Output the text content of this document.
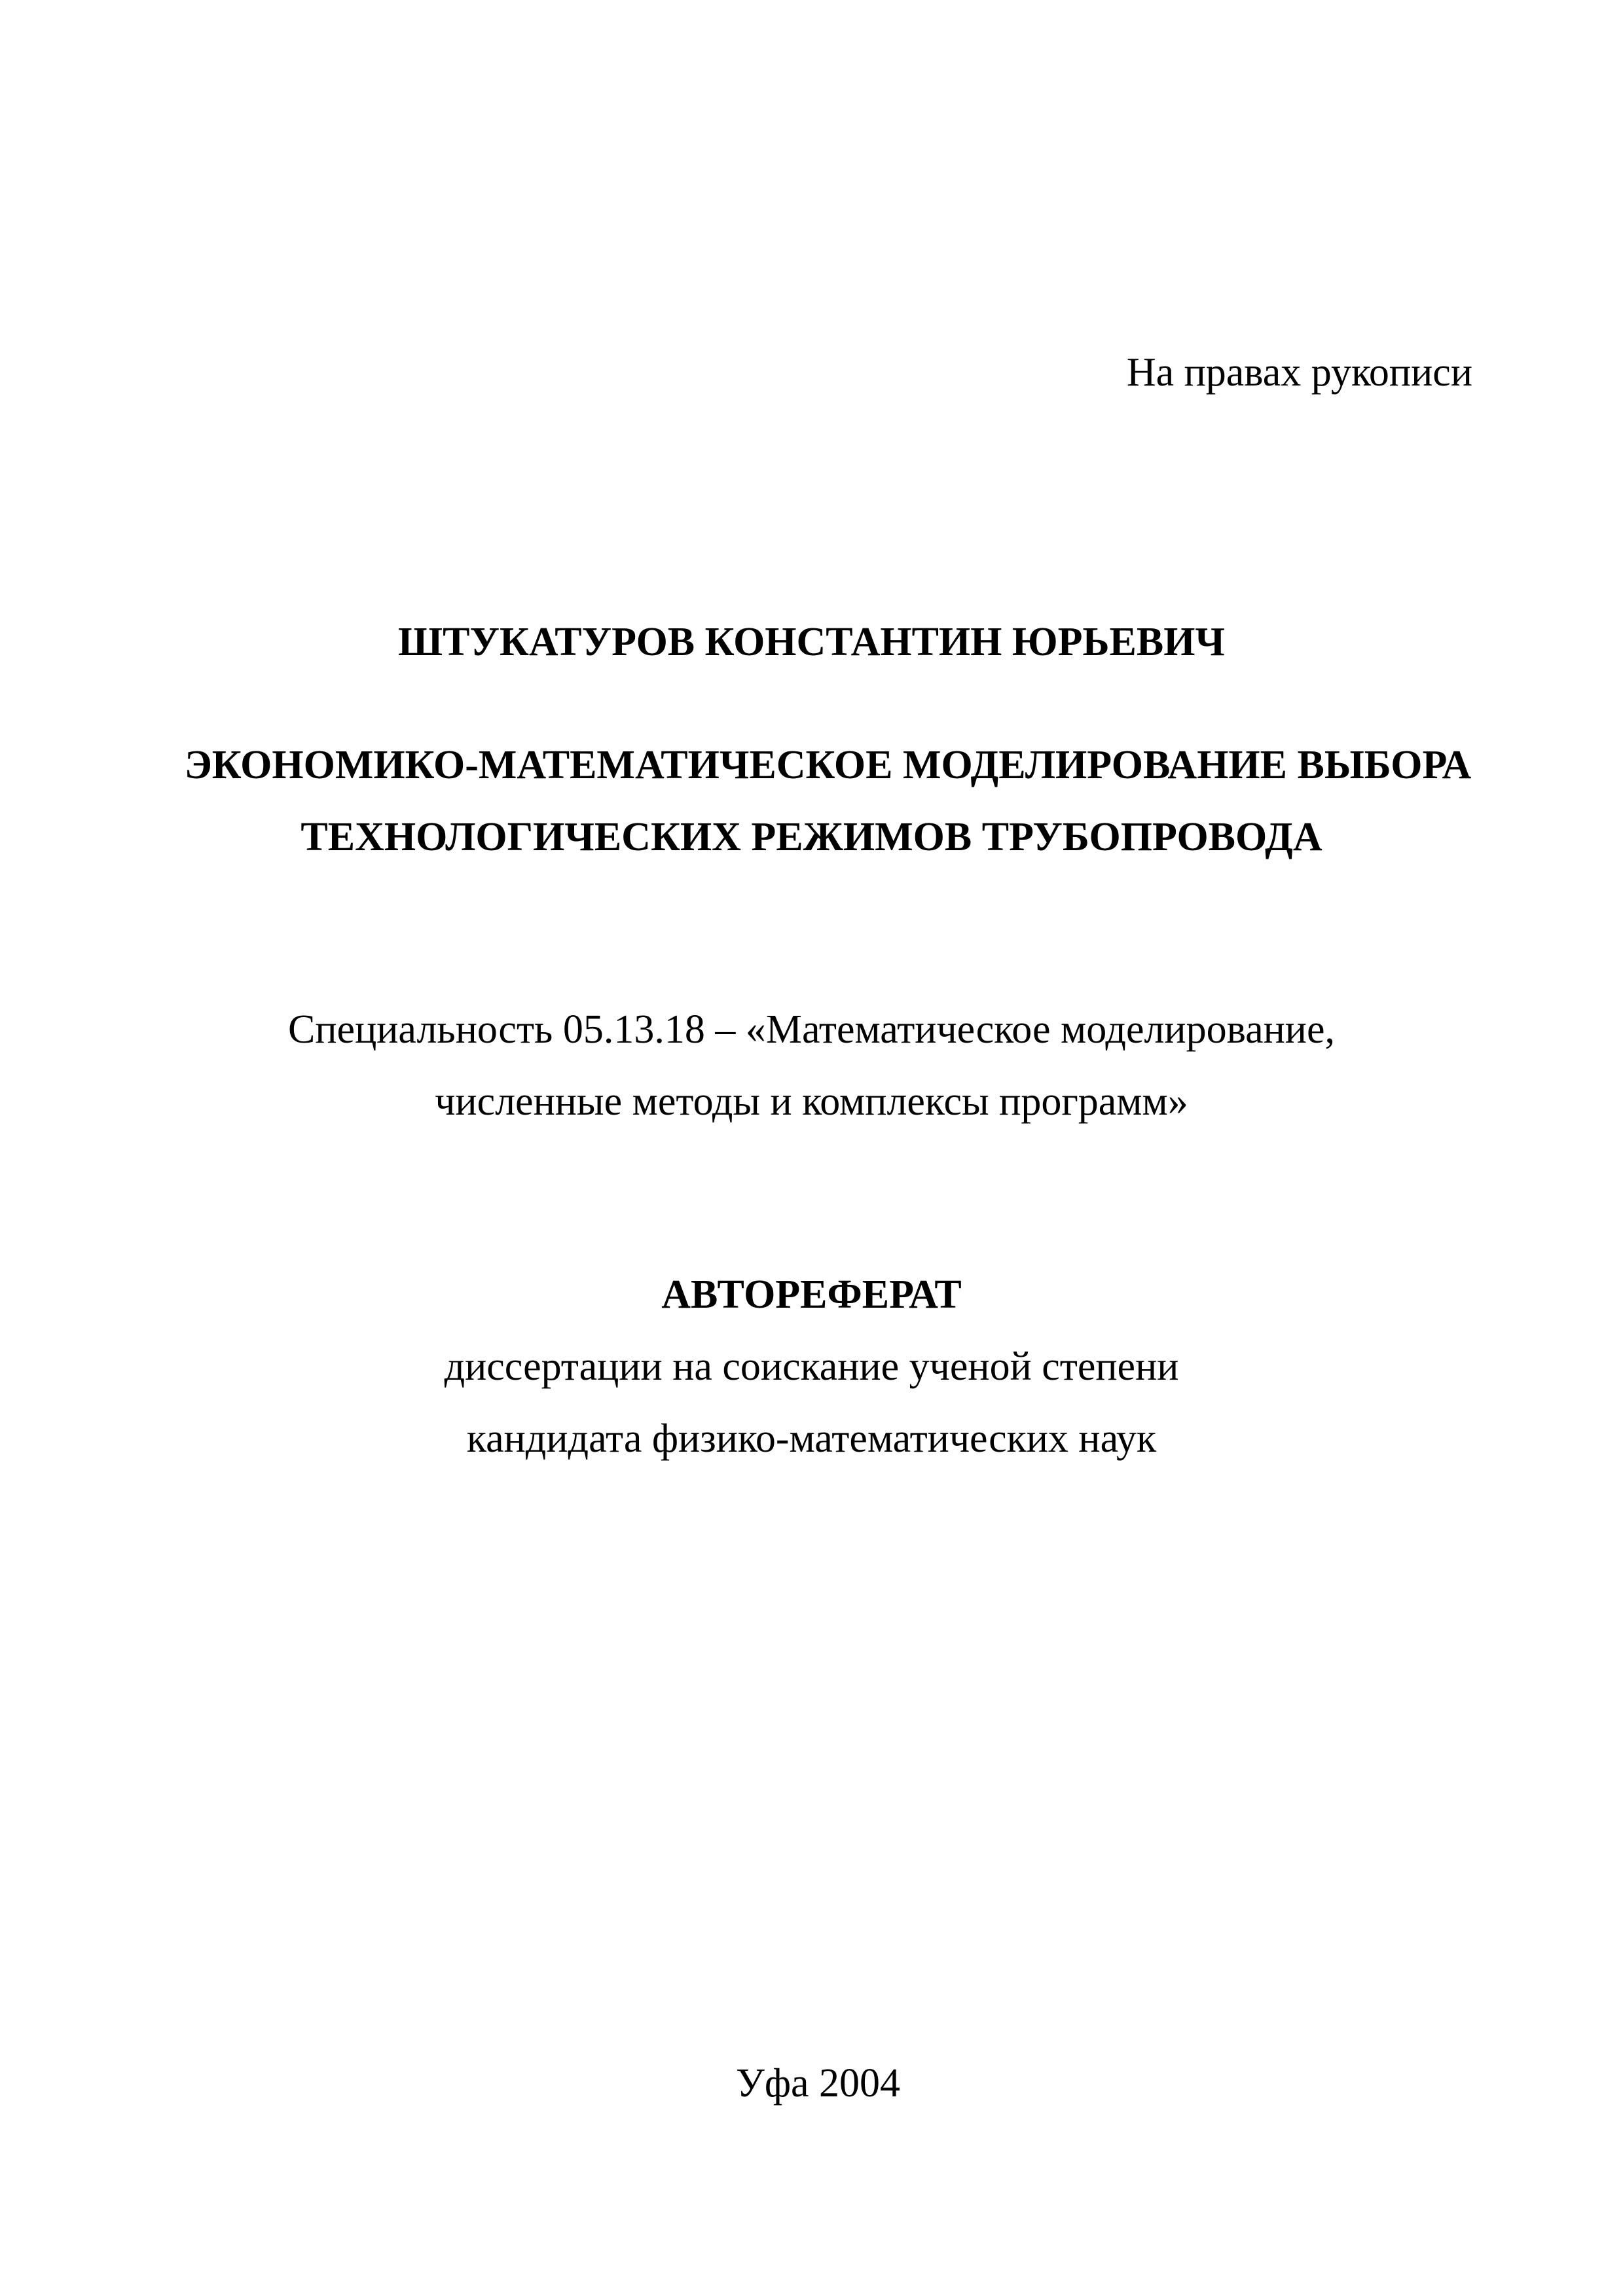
На правах рукописи
ШТУКАТУРОВ КОНСТАНТИН ЮРЬЕВИЧ
ЭКОНОМИКО-МАТЕМАТИЧЕСКОЕ МОДЕЛИРОВАНИЕ ВЫБОРА
ТЕХНОЛОГИЧЕСКИХ РЕЖИМОВ ТРУБОПРОВОДА
Специальность 05.13.18 – «Математическое моделирование,
численные методы и комплексы программ»
АВТОРЕФЕРАТ
диссертации на соискание ученой степени
кандидата физико-математических наук
Уфа 2004
